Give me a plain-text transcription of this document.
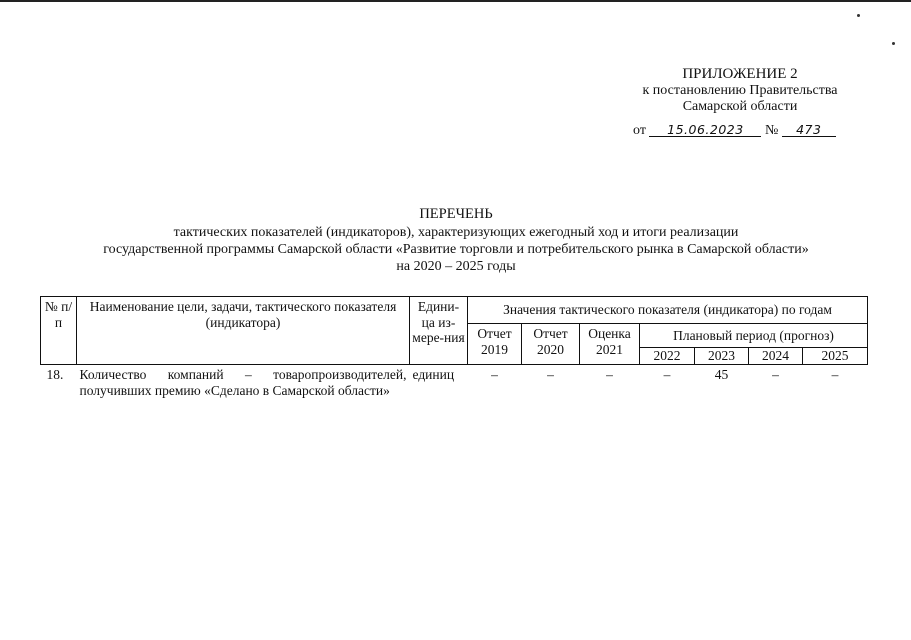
ПРИЛОЖЕНИЕ 2
к постановлению Правительства
Самарской области
от 15.06.2023 № 473
ПЕРЕЧЕНЬ
тактических показателей (индикаторов), характеризующих ежегодный ход и итоги реализации
государственной программы Самарской области «Развитие торговли и потребительского рынка в Самарской области»
на 2020 – 2025 годы
№ п/п	Наименование цели, задачи, тактического показателя (индикатора)	Едини-ца из-мере-ния	Значения тактического показателя (индикатора) по годам						
			Отчет 2019	Отчет 2020	Оценка 2021	Плановый период (прогноз)			
						2022	2023	2024	2025
18.	Количество компаний – товаропроизводителей, получивших премию «Сделано в Самарской области»	единиц	–	–	–	–	45	–	–
